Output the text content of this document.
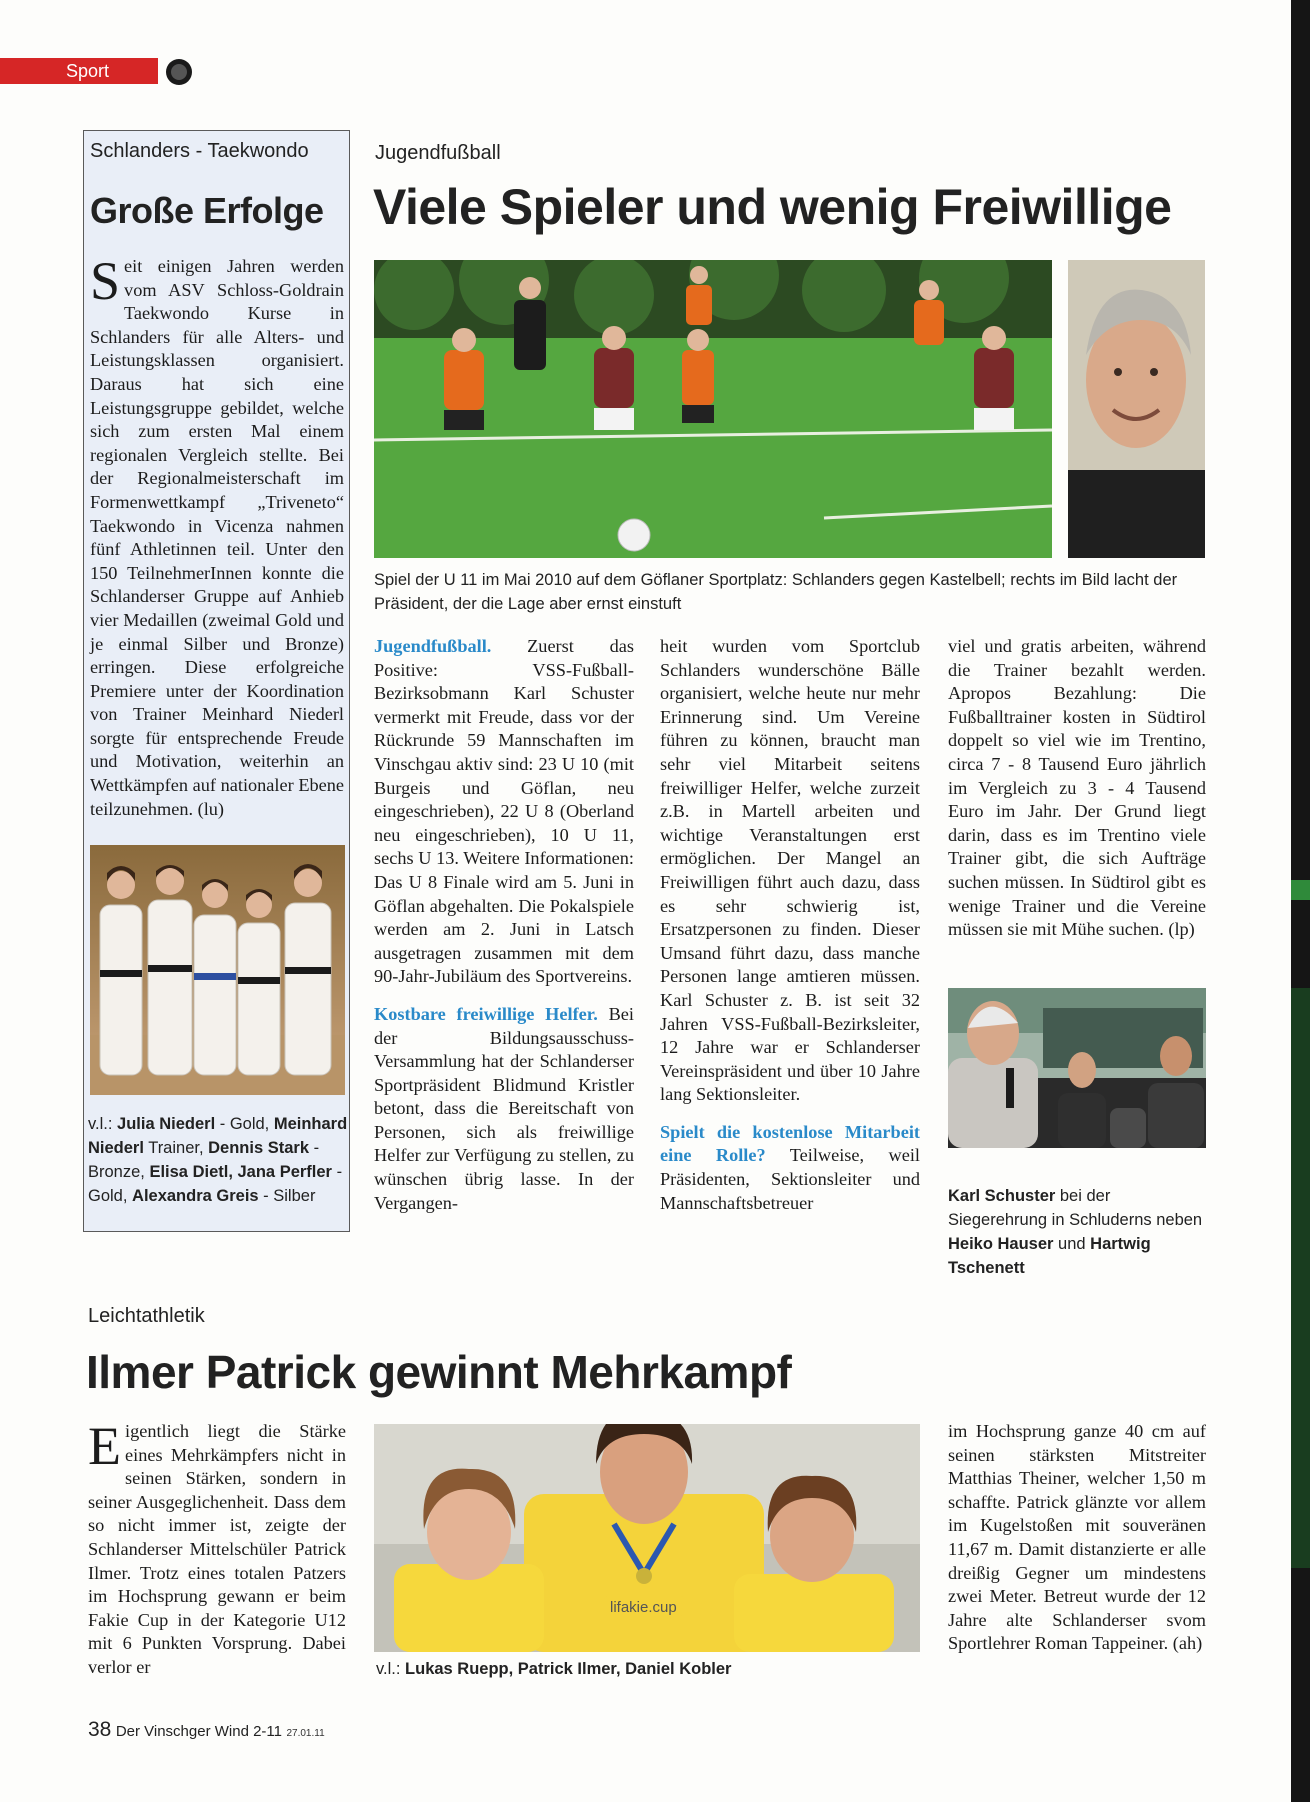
Sport
Schlanders - Taekwondo
Große Erfolge
Seit einigen Jahren werden vom ASV Schloss-Goldrain Taekwondo Kurse in Schlanders für alle Alters- und Leistungsklassen organisiert. Daraus hat sich eine Leistungsgruppe gebildet, welche sich zum ersten Mal einem regionalen Vergleich stellte. Bei der Regionalmeisterschaft im Formenwettkampf „Triveneto“ Taekwondo in Vicenza nahmen fünf Athletinnen teil. Unter den 150 TeilnehmerInnen konnte die Schlanderser Gruppe auf Anhieb vier Medaillen (zweimal Gold und je einmal Silber und Bronze) erringen. Diese erfolgreiche Premiere unter der Koordination von Trainer Meinhard Niederl sorgte für entsprechende Freude und Motivation, weiterhin an Wettkämpfen auf nationaler Ebene teilzunehmen. (lu)
v.l.: Julia Niederl - Gold, Meinhard Niederl Trainer, Dennis Stark - Bronze, Elisa Dietl, Jana Perfler - Gold, Alexandra Greis - Silber
Jugendfußball
Viele Spieler und wenig Freiwillige
Spiel der U 11 im Mai 2010 auf dem Göflaner Sportplatz: Schlanders gegen Kastelbell; rechts im Bild lacht der Präsident, der die Lage aber ernst einstuft
Jugendfußball. Zuerst das Positive: VSS-Fußball-Bezirksobmann Karl Schuster vermerkt mit Freude, dass vor der Rückrunde 59 Mannschaften im Vinschgau aktiv sind: 23 U 10 (mit Burgeis und Göflan, neu eingeschrieben), 22 U 8 (Oberland neu eingeschrieben), 10 U 11, sechs U 13. Weitere Informationen: Das U 8 Finale wird am 5. Juni in Göflan abgehalten. Die Pokalspiele werden am 2. Juni in Latsch ausgetragen zusammen mit dem 90-Jahr-Jubiläum des Sportvereins.
Kostbare freiwillige Helfer. Bei der Bildungsausschuss-Versammlung hat der Schlanderser Sportpräsident Blidmund Kristler betont, dass die Bereitschaft von Personen, sich als freiwillige Helfer zur Verfügung zu stellen, zu wünschen übrig lasse. In der Vergangen-
heit wurden vom Sportclub Schlanders wunderschöne Bälle organisiert, welche heute nur mehr Erinnerung sind. Um Vereine führen zu können, braucht man sehr viel Mitarbeit seitens freiwilliger Helfer, welche zurzeit z.B. in Martell arbeiten und wichtige Veranstaltungen erst ermöglichen. Der Mangel an Freiwilligen führt auch dazu, dass es sehr schwierig ist, Ersatzpersonen zu finden. Dieser Umsand führt dazu, dass manche Personen lange amtieren müssen. Karl Schuster z. B. ist seit 32 Jahren VSS-Fußball-Bezirksleiter, 12 Jahre war er Schlanderser Vereinspräsident und über 10 Jahre lang Sektionsleiter.
Spielt die kostenlose Mitarbeit eine Rolle? Teilweise, weil Präsidenten, Sektionsleiter und Mannschaftsbetreuer
viel und gratis arbeiten, während die Trainer bezahlt werden. Apropos Bezahlung: Die Fußballtrainer kosten in Südtirol doppelt so viel wie im Trentino, circa 7 - 8 Tausend Euro jährlich im Vergleich zu 3 - 4 Tausend Euro im Jahr. Der Grund liegt darin, dass es im Trentino viele Trainer gibt, die sich Aufträge suchen müssen. In Südtirol gibt es wenige Trainer und die Vereine müssen sie mit Mühe suchen. (lp)
Karl Schuster bei der Siegerehrung in Schluderns neben Heiko Hauser und Hartwig Tschenett
Leichtathletik
Ilmer Patrick gewinnt Mehrkampf
Eigentlich liegt die Stärke eines Mehrkämpfers nicht in seinen Stärken, sondern in seiner Ausgeglichenheit. Dass dem so nicht immer ist, zeigte der Schlanderser Mittelschüler Patrick Ilmer. Trotz eines totalen Patzers im Hochsprung gewann er beim Fakie Cup in der Kategorie U12 mit 6 Punkten Vorsprung. Dabei verlor er
lifakie.cup
v.l.: Lukas Ruepp, Patrick Ilmer, Daniel Kobler
im Hochsprung ganze 40 cm auf seinen stärksten Mitstreiter Matthias Theiner, welcher 1,50 m schaffte. Patrick glänzte vor allem im Kugelstoßen mit souveränen 11,67 m. Damit distanzierte er alle dreißig Gegner um mindestens zwei Meter. Betreut wurde der 12 Jahre alte Schlanderser svom Sportlehrer Roman Tappeiner. (ah)
38 Der Vinschger Wind 2-11 27.01.11
